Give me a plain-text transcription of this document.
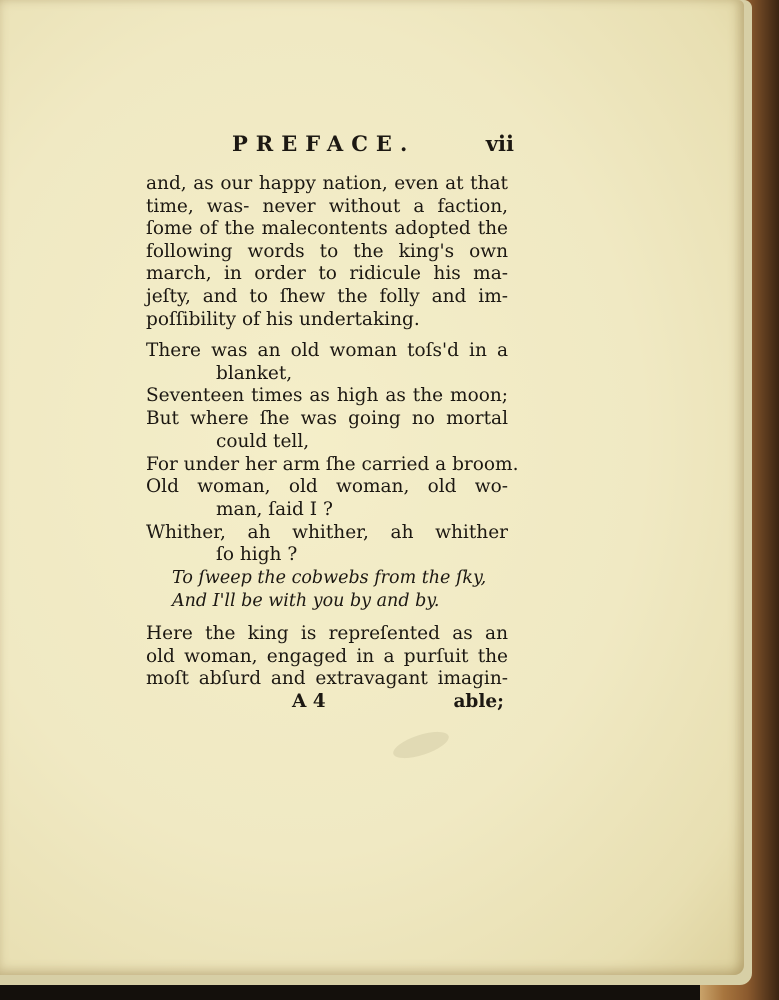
PREFACE.	vii
and, as our happy nation, even at that
time, was- never without a faction,
ſome of the malecontents adopted the
following words to the king's own
march, in order to ridicule his ma-
jeſty, and to ſhew the folly and im-
poſſibility of his undertaking.
There was an old woman toſs'd in a
blanket,
Seventeen times as high as the moon;
But where ſhe was going no mortal
could tell,
For under her arm ſhe carried a broom.
Old woman, old woman, old wo-
man, ſaid I ?
Whither, ah whither, ah whither
ſo high ?
To ſweep the cobwebs from the ſky,
And I'll be with you by and by.
Here the king is repreſented as an
old woman, engaged in a purſuit the
moſt abſurd and extravagant imagin-
A 4	able;
